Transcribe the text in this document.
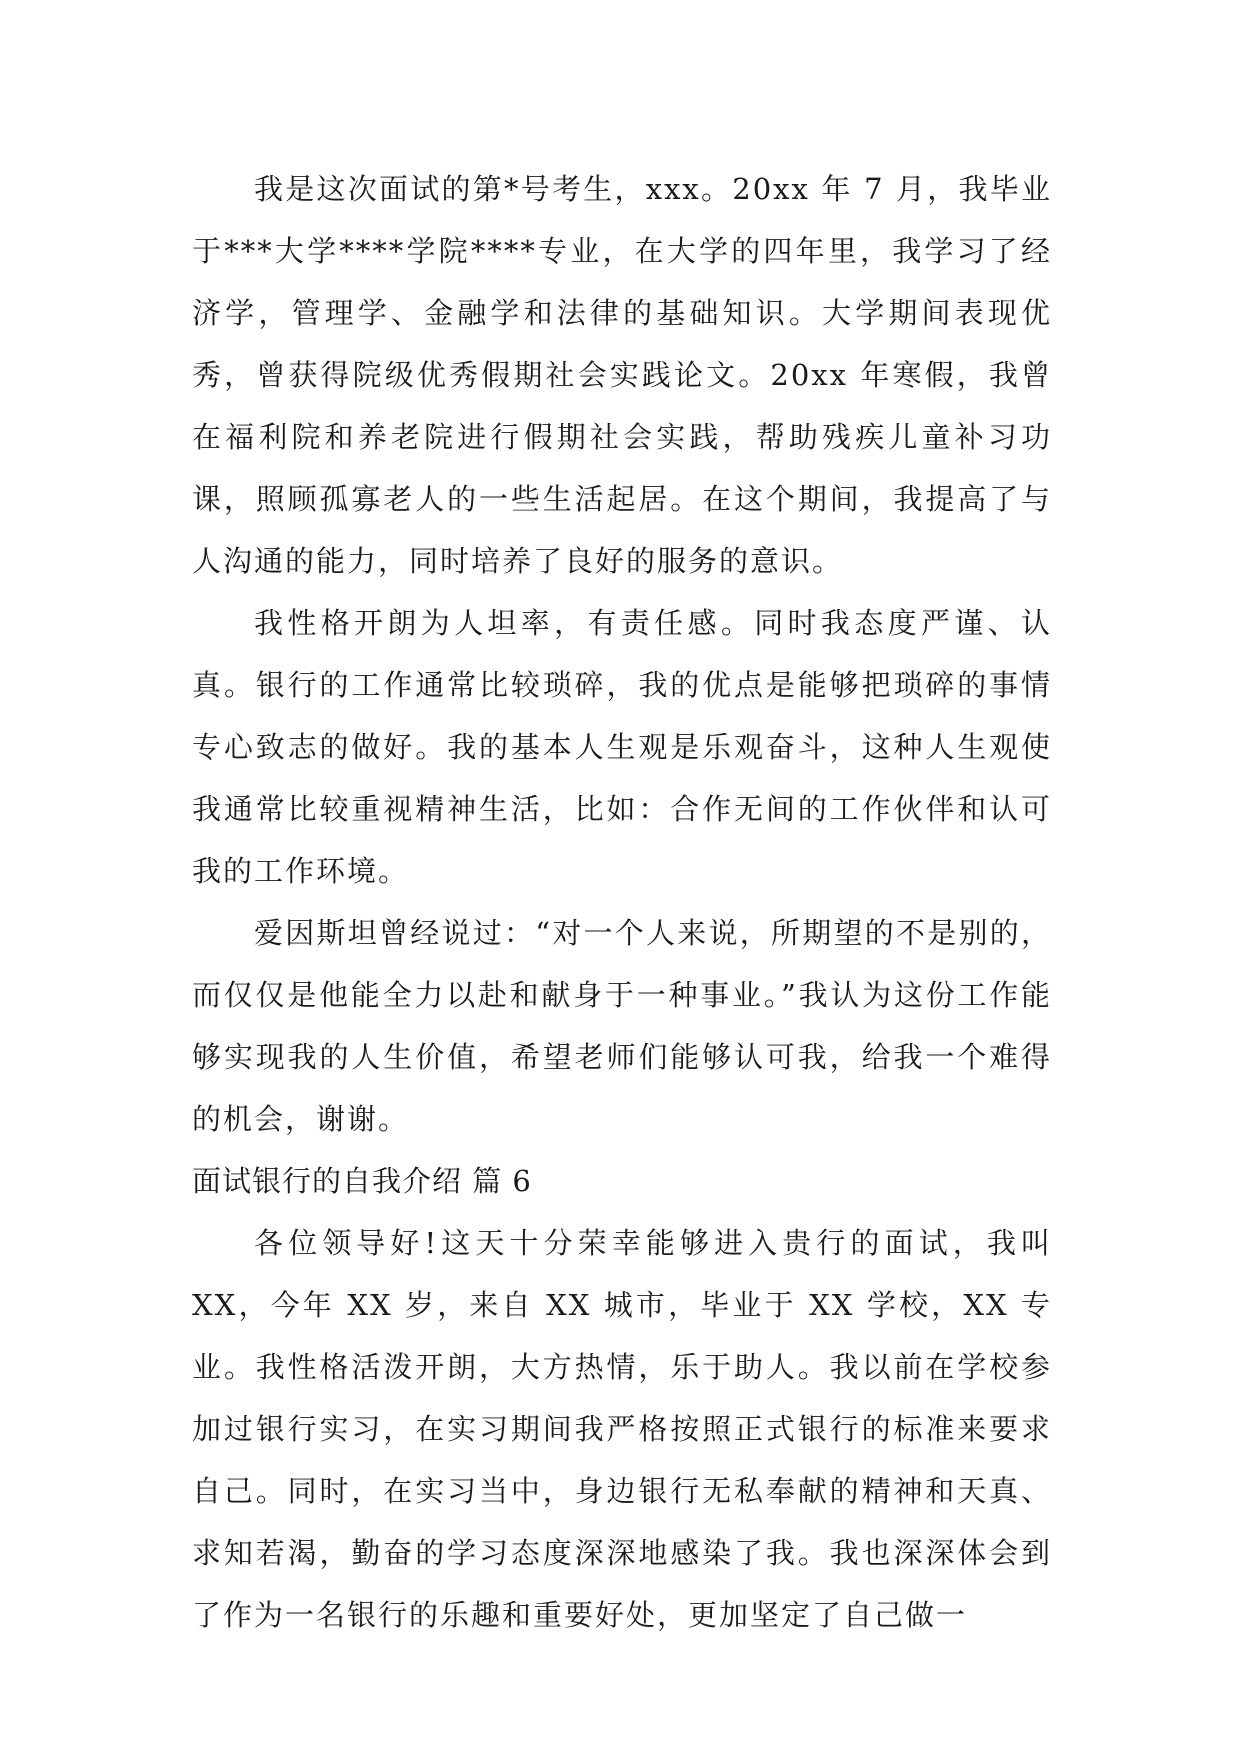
我是这次面试的第*号考生，xxx。20xx 年 7 月，我毕业于***大学****学院****专业，在大学的四年里，我学习了经济学，管理学、金融学和法律的基础知识。大学期间表现优秀，曾获得院级优秀假期社会实践论文。20xx 年寒假，我曾在福利院和养老院进行假期社会实践，帮助残疾儿童补习功课，照顾孤寡老人的一些生活起居。在这个期间，我提高了与人沟通的能力，同时培养了良好的服务的意识。

我性格开朗为人坦率，有责任感。同时我态度严谨、认真。银行的工作通常比较琐碎，我的优点是能够把琐碎的事情专心致志的做好。我的基本人生观是乐观奋斗，这种人生观使我通常比较重视精神生活，比如：合作无间的工作伙伴和认可我的工作环境。

爱因斯坦曾经说过：“对一个人来说，所期望的不是别的，而仅仅是他能全力以赴和献身于一种事业。”我认为这份工作能够实现我的人生价值，希望老师们能够认可我，给我一个难得的机会，谢谢。

面试银行的自我介绍 篇 6

各位领导好!这天十分荣幸能够进入贵行的面试，我叫XX，今年 XX 岁，来自 XX 城市，毕业于 XX 学校，XX 专业。我性格活泼开朗，大方热情，乐于助人。我以前在学校参加过银行实习，在实习期间我严格按照正式银行的标准来要求自己。同时，在实习当中，身边银行无私奉献的精神和天真、求知若渴，勤奋的学习态度深深地感染了我。我也深深体会到了作为一名银行的乐趣和重要好处，更加坚定了自己做一
